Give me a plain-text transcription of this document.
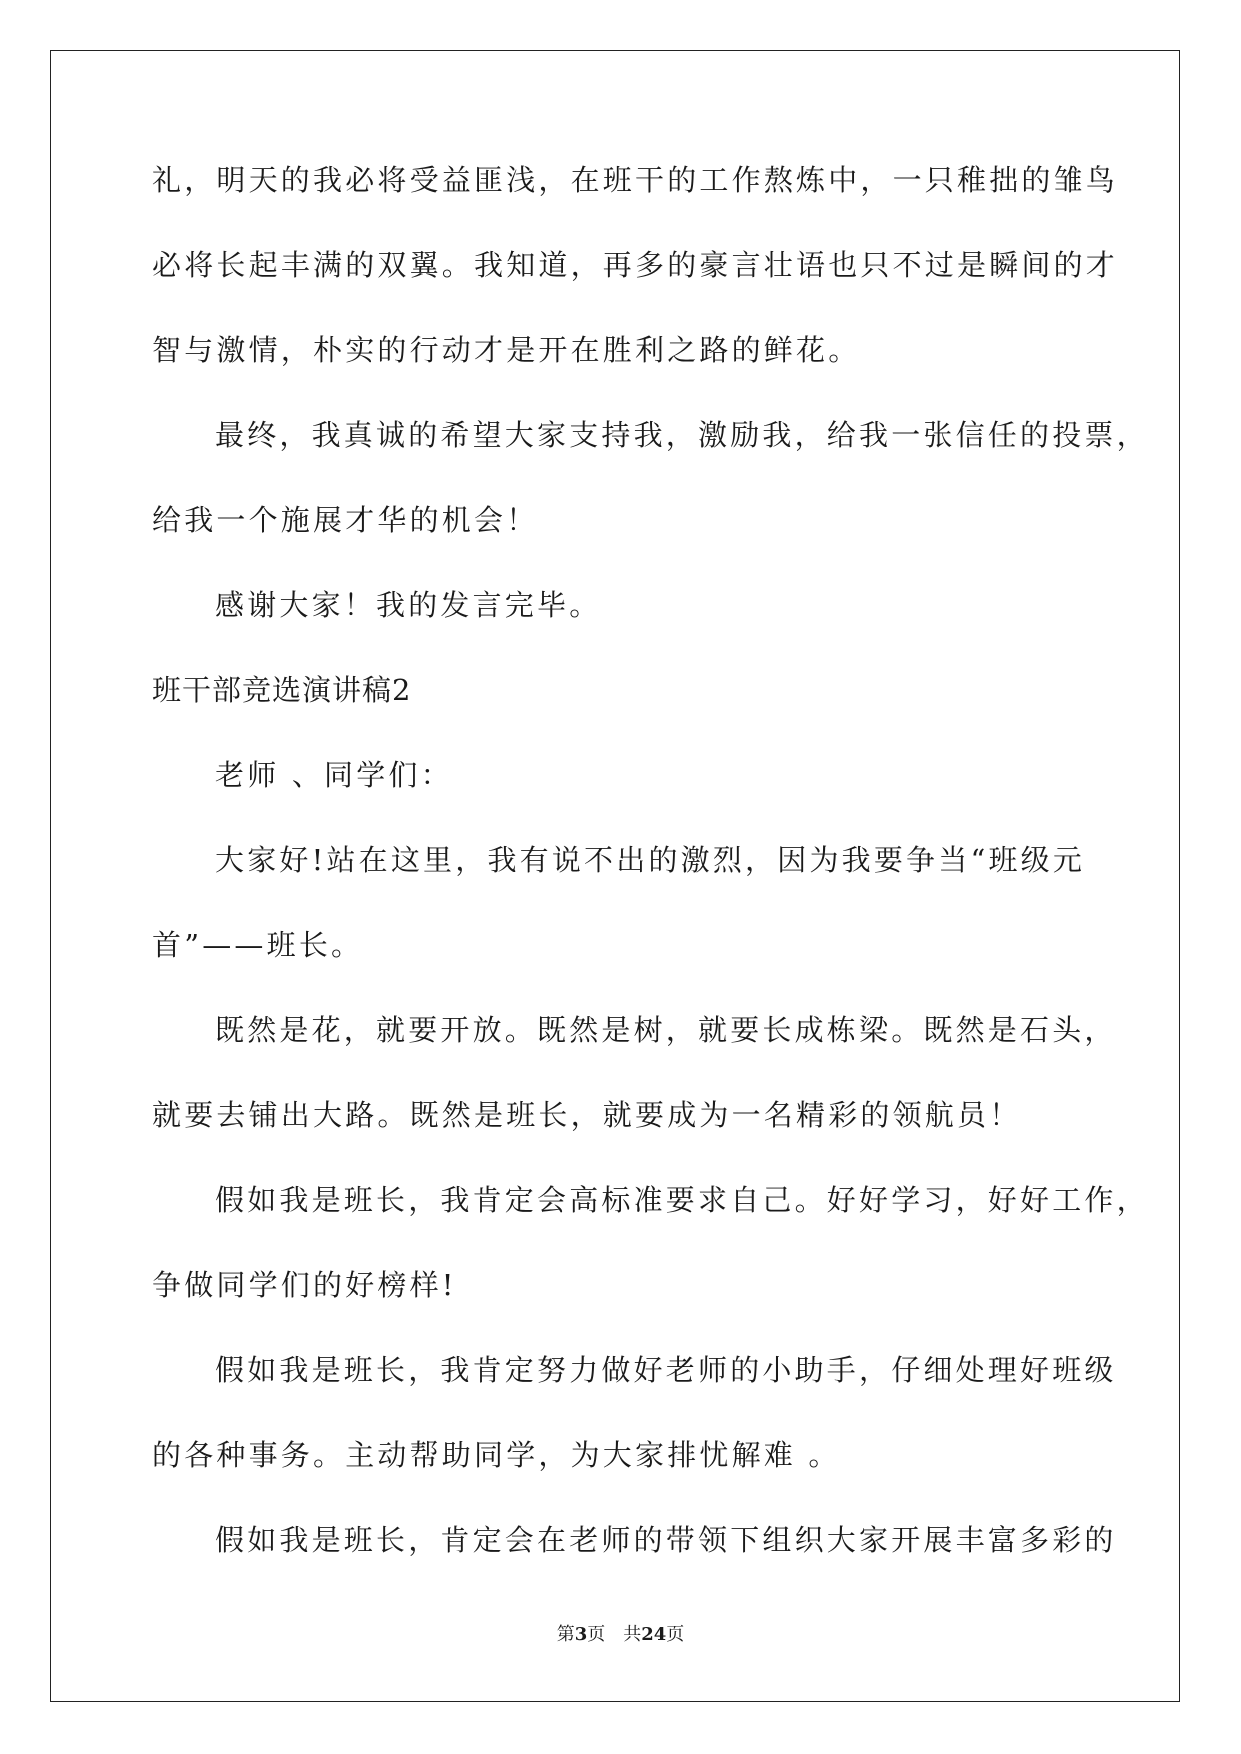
礼，明天的我必将受益匪浅，在班干的工作熬炼中，一只稚拙的雏鸟
必将长起丰满的双翼。我知道，再多的豪言壮语也只不过是瞬间的才
智与激情，朴实的行动才是开在胜利之路的鲜花。
最终，我真诚的希望大家支持我，激励我，给我一张信任的投票，
给我一个施展才华的机会！
感谢大家！我的发言完毕。
班干部竞选演讲稿2
老师 、同学们：
大家好!站在这里，我有说不出的激烈，因为我要争当“班级元
首”——班长。
既然是花，就要开放。既然是树，就要长成栋梁。既然是石头，
就要去铺出大路。既然是班长，就要成为一名精彩的领航员！
假如我是班长，我肯定会高标准要求自己。好好学习，好好工作，
争做同学们的好榜样!
假如我是班长，我肯定努力做好老师的小助手，仔细处理好班级
的各种事务。主动帮助同学，为大家排忧解难 。
假如我是班长，肯定会在老师的带领下组织大家开展丰富多彩的
第3页　共24页
